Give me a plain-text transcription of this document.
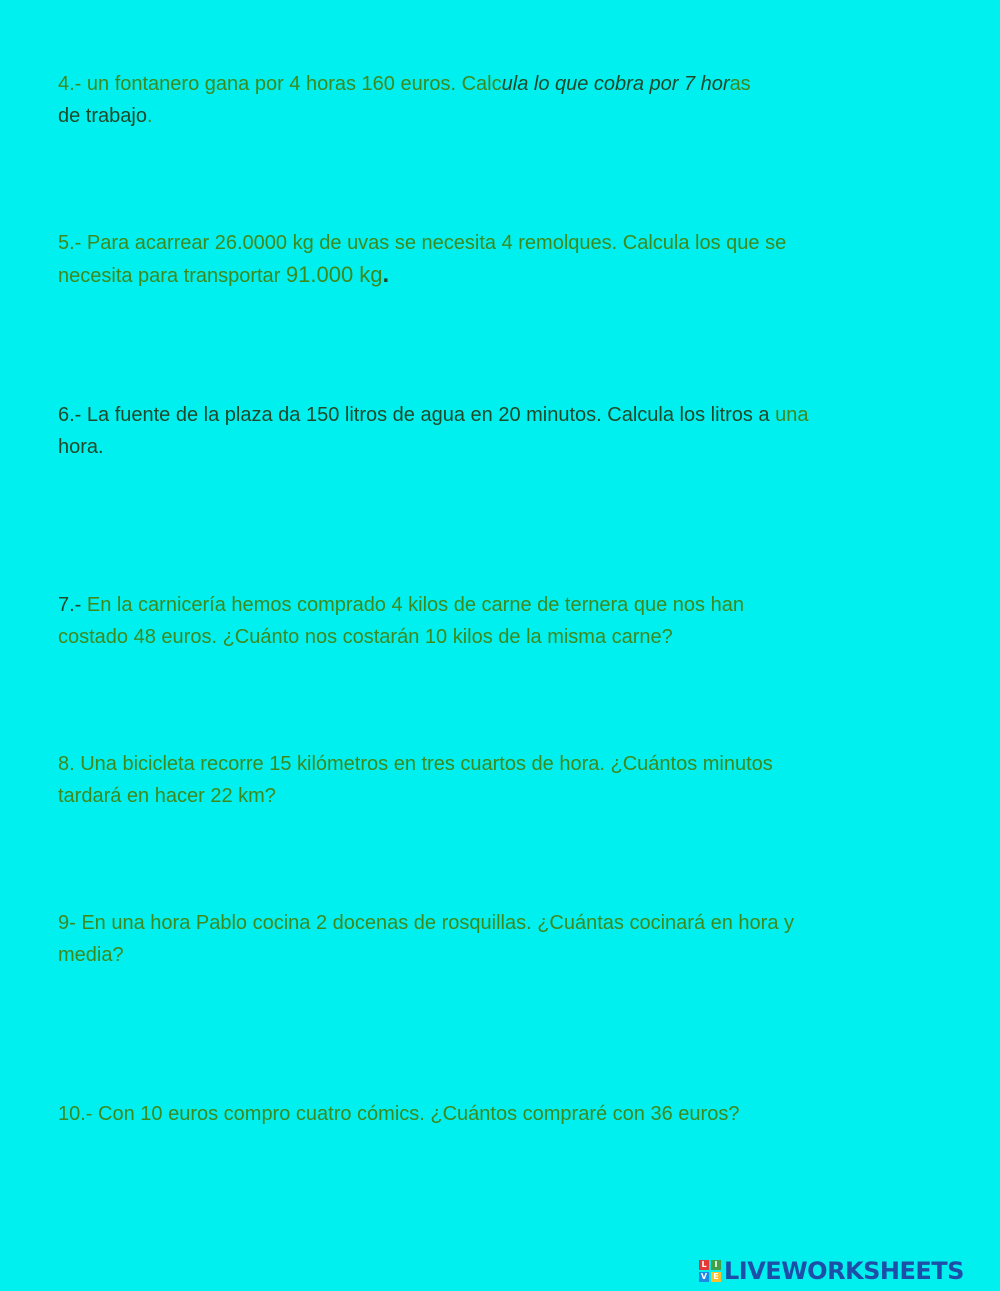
4.- un fontanero gana por 4 horas 160 euros. Calcula lo que cobra por 7 horas
de trabajo.
5.- Para acarrear 26.0000 kg de uvas se necesita 4 remolques. Calcula los que se
necesita para transportar 91.000 kg.
6.- La fuente de la plaza da 150 litros de agua en 20 minutos. Calcula los litros a una
hora.
7.- En la carnicería hemos comprado 4 kilos de carne de ternera que nos han
costado 48 euros. ¿Cuánto nos costarán 10 kilos de la misma carne?
8. Una bicicleta recorre 15 kilómetros en tres cuartos de hora. ¿Cuántos minutos
tardará en hacer 22 km?
9- En una hora Pablo cocina 2 docenas de rosquillas. ¿Cuántas cocinará en hora y
media?
10.- Con 10 euros compro cuatro cómics. ¿Cuántos compraré con 36 euros?
L I
V E LIVEWORKSHEETS
